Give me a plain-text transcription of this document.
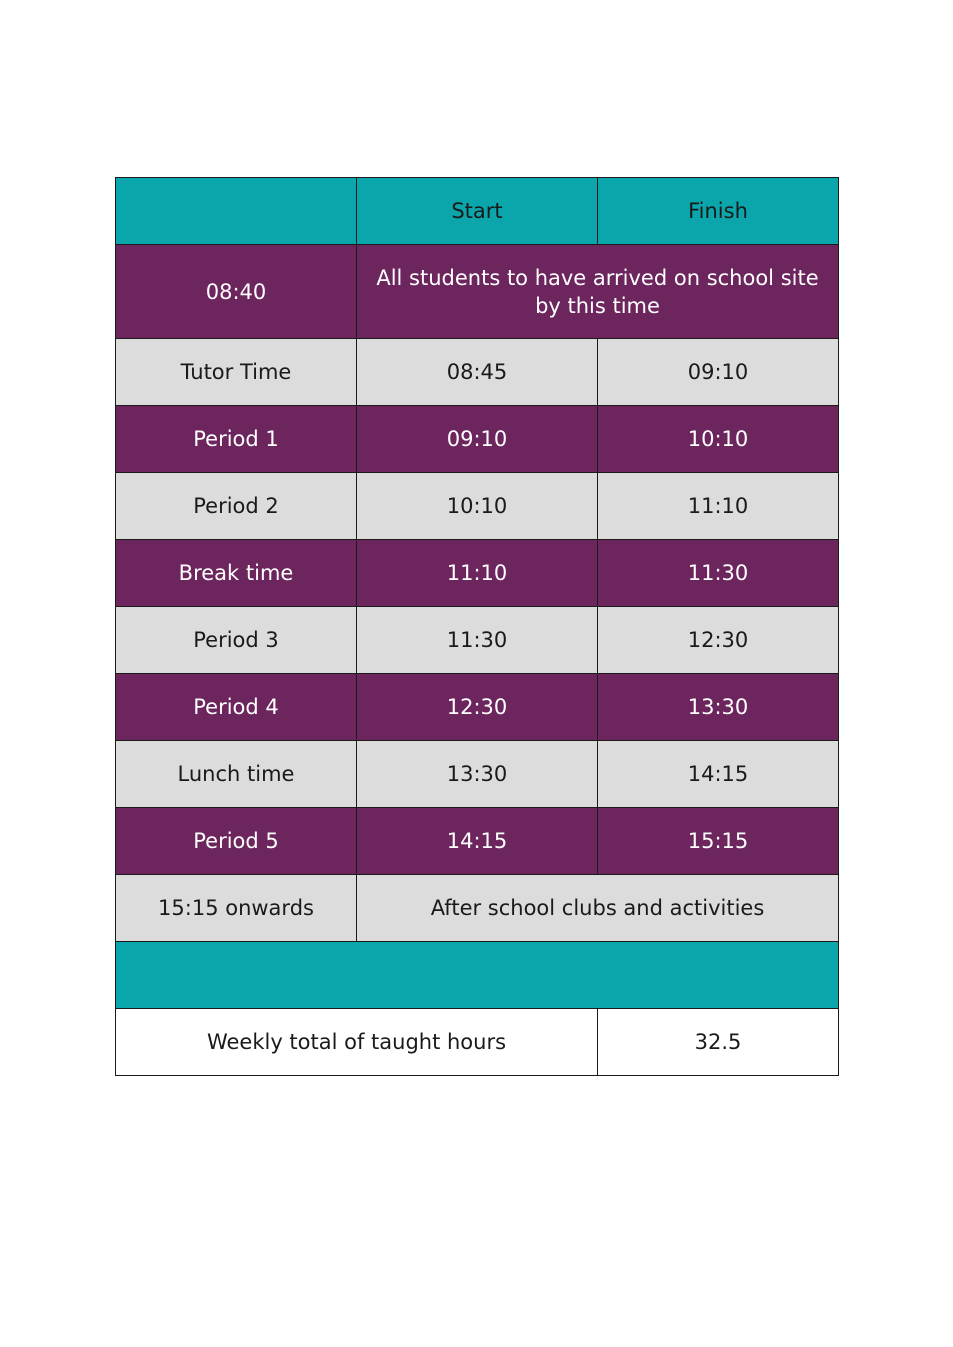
	Start	Finish
08:40	All students to have arrived on school site by this time	
Tutor Time	08:45	09:10
Period 1	09:10	10:10
Period 2	10:10	11:10
Break time	11:10	11:30
Period 3	11:30	12:30
Period 4	12:30	13:30
Lunch time	13:30	14:15
Period 5	14:15	15:15
15:15 onwards	After school clubs and activities	

Weekly total of taught hours		32.5
